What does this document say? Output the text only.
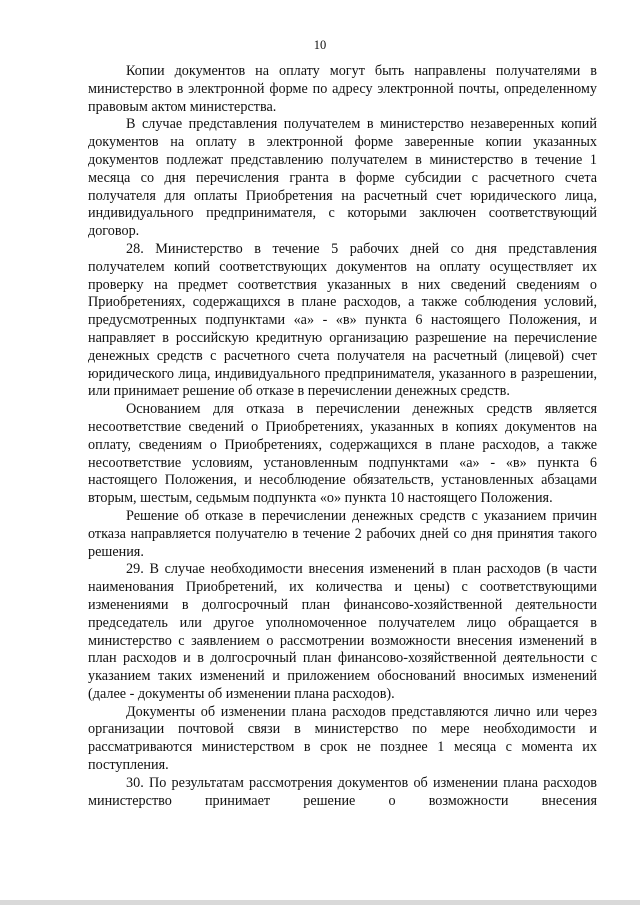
10

Копии документов на оплату могут быть направлены получателями в министерство в электронной форме по адресу электронной почты, определенному правовым актом министерства.

В случае представления получателем в министерство незаверенных копий документов на оплату в электронной форме заверенные копии указанных документов подлежат представлению получателем в министерство в течение 1 месяца со дня перечисления гранта в форме субсидии с расчетного счета получателя для оплаты Приобретения на расчетный счет юридического лица, индивидуального предпринимателя, с которыми заключен соответствующий договор.

28. Министерство в течение 5 рабочих дней со дня представления получателем копий соответствующих документов на оплату осуществляет их проверку на предмет соответствия указанных в них сведений сведениям о Приобретениях, содержащихся в плане расходов, а также соблюдения условий, предусмотренных подпунктами «а» - «в» пункта 6 настоящего Положения, и направляет в российскую кредитную организацию разрешение на перечисление денежных средств с расчетного счета получателя на расчетный (лицевой) счет юридического лица, индивидуального предпринимателя, указанного в разрешении, или принимает решение об отказе в перечислении денежных средств.

Основанием для отказа в перечислении денежных средств является несоответствие сведений о Приобретениях, указанных в копиях документов на оплату, сведениям о Приобретениях, содержащихся в плане расходов, а также несоответствие условиям, установленным подпунктами «а» - «в» пункта 6 настоящего Положения, и несоблюдение обязательств, установленных абзацами вторым, шестым, седьмым подпункта «о» пункта 10 настоящего Положения.

Решение об отказе в перечислении денежных средств с указанием причин отказа направляется получателю в течение 2 рабочих дней со дня принятия такого решения.

29. В случае необходимости внесения изменений в план расходов (в части наименования Приобретений, их количества и цены) с соответствующими изменениями в долгосрочный план финансово-хозяйственной деятельности председатель или другое уполномоченное получателем лицо обращается в министерство с заявлением о рассмотрении возможности внесения изменений в план расходов и в долгосрочный план финансово-хозяйственной деятельности с указанием таких изменений и приложением обоснований вносимых изменений (далее - документы об изменении плана расходов).

Документы об изменении плана расходов представляются лично или через организации почтовой связи в министерство по мере необходимости и рассматриваются министерством в срок не позднее 1 месяца с момента их поступления.

30. По результатам рассмотрения документов об изменении плана расходов министерство принимает решение о возможности внесения
